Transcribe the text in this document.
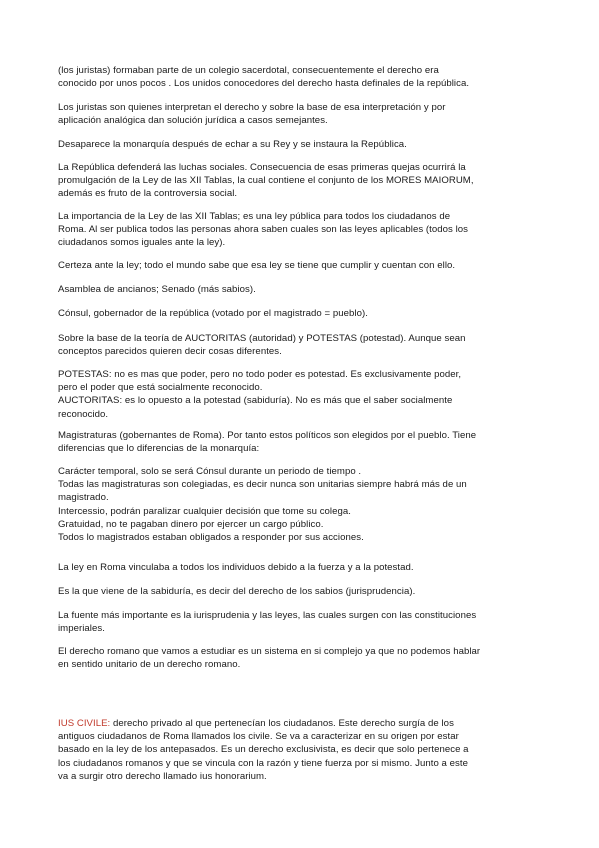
(los juristas) formaban parte de un colegio sacerdotal, consecuentemente el derecho era
conocido por unos pocos . Los unidos conocedores del derecho hasta definales de la república.
Los juristas son quienes interpretan el derecho y sobre la base de esa interpretación y por
aplicación analógica dan solución jurídica a casos semejantes.
Desaparece la monarquía después de echar a su Rey y se instaura la República.
La República defenderá las luchas sociales. Consecuencia de esas primeras quejas ocurrirá la
promulgación de la Ley de las XII Tablas, la cual contiene el conjunto de los MORES MAIORUM,
además es fruto de la controversia social.
La importancia de la Ley de las XII Tablas; es una ley pública para todos los ciudadanos de
Roma. Al ser publica todos las personas ahora saben cuales son las leyes aplicables (todos los
ciudadanos somos iguales ante la ley).
Certeza ante la ley; todo el mundo sabe que esa ley se tiene que cumplir y cuentan con ello.
Asamblea de ancianos; Senado (más sabios).
Cónsul, gobernador de la república (votado por el magistrado = pueblo).
Sobre la base de la teoría de AUCTORITAS (autoridad) y POTESTAS (potestad). Aunque sean
conceptos parecidos quieren decir cosas diferentes.
POTESTAS: no es mas que poder, pero no todo poder es potestad. Es exclusivamente poder,
pero el poder que está socialmente reconocido.
AUCTORITAS: es lo opuesto a la potestad (sabiduría). No es más que el saber socialmente
reconocido.
Magistraturas (gobernantes de Roma). Por tanto estos políticos son elegidos por el pueblo. Tiene
diferencias que lo diferencias de la monarquía:
Carácter temporal, solo se será Cónsul durante un periodo de tiempo .
Todas las magistraturas son colegiadas, es decir nunca son unitarias siempre habrá más de un
magistrado.
Intercessio, podrán paralizar cualquier decisión que tome su colega.
Gratuidad, no te pagaban dinero por ejercer un cargo público.
Todos lo magistrados estaban obligados a responder por sus acciones.
La ley en Roma vinculaba a todos los individuos debido a la fuerza y a la potestad.
Es la que viene de la sabiduría, es decir del derecho de los sabios (jurisprudencia).
La fuente más importante es la iurisprudenia y las leyes, las cuales surgen con las constituciones
imperiales.
El derecho romano que vamos a estudiar es un sistema en si complejo ya que no podemos hablar
en sentido unitario de un derecho romano.
IUS CIVILE: derecho privado al que pertenecían los ciudadanos. Este derecho surgía de los
antiguos ciudadanos de Roma llamados los civile. Se va a caracterizar en su origen por estar
basado en la ley de los antepasados. Es un derecho exclusivista, es decir que solo pertenece a
los ciudadanos romanos y que se vincula con la razón y tiene fuerza por si mismo. Junto a este
va a surgir otro derecho llamado ius honorarium.
